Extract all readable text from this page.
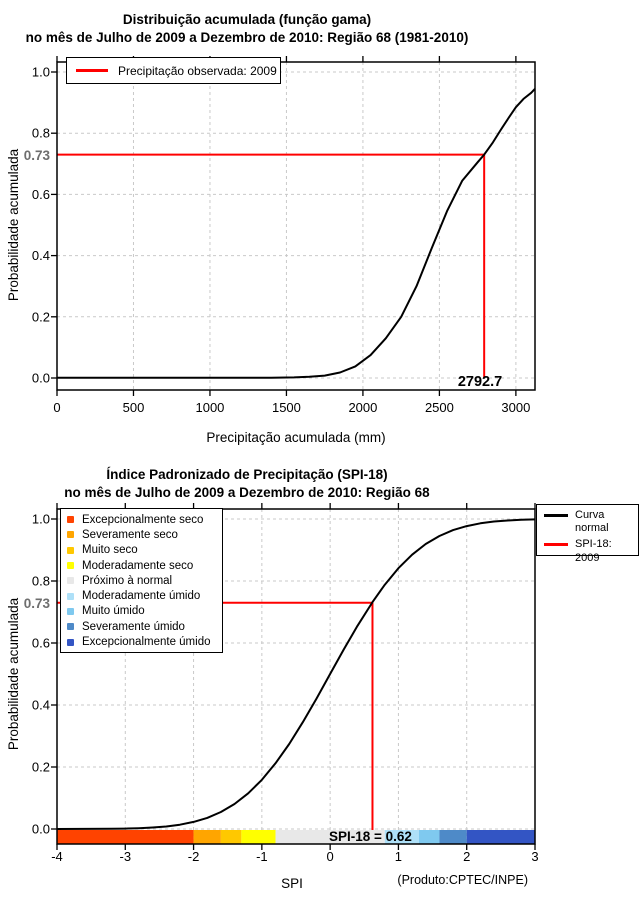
0	500	1000	1500	2000	2500	3000
0.0
0.2
0.4
0.6
0.8
1.0
-4	-3	-2	-1	0	1	2	3
0.0
0.2
0.4
0.6
0.8
1.0
Distribuição acumulada (função gama)
no mês de Julho de 2009 a Dezembro de 2010: Região 68 (1981-2010)
Precipitação acumulada (mm)
Probabilidade acumulada 0.73
2792.7
Índice Padronizado de Precipitação (SPI-18)
no mês de Julho de 2009 a Dezembro de 2010: Região 68
SPI
Probabilidade acumulada 0.73
SPI-18 = 0.62
(Produto:CPTEC/INPE)
Precipitação observada: 2009
Excepcionalmente seco
Severamente seco
Muito seco
Moderadamente seco
Próximo à normal
Moderadamente úmido
Muito úmido
Severamente úmido
Excepcionalmente úmido
Curva normal
SPI-18: 2009
